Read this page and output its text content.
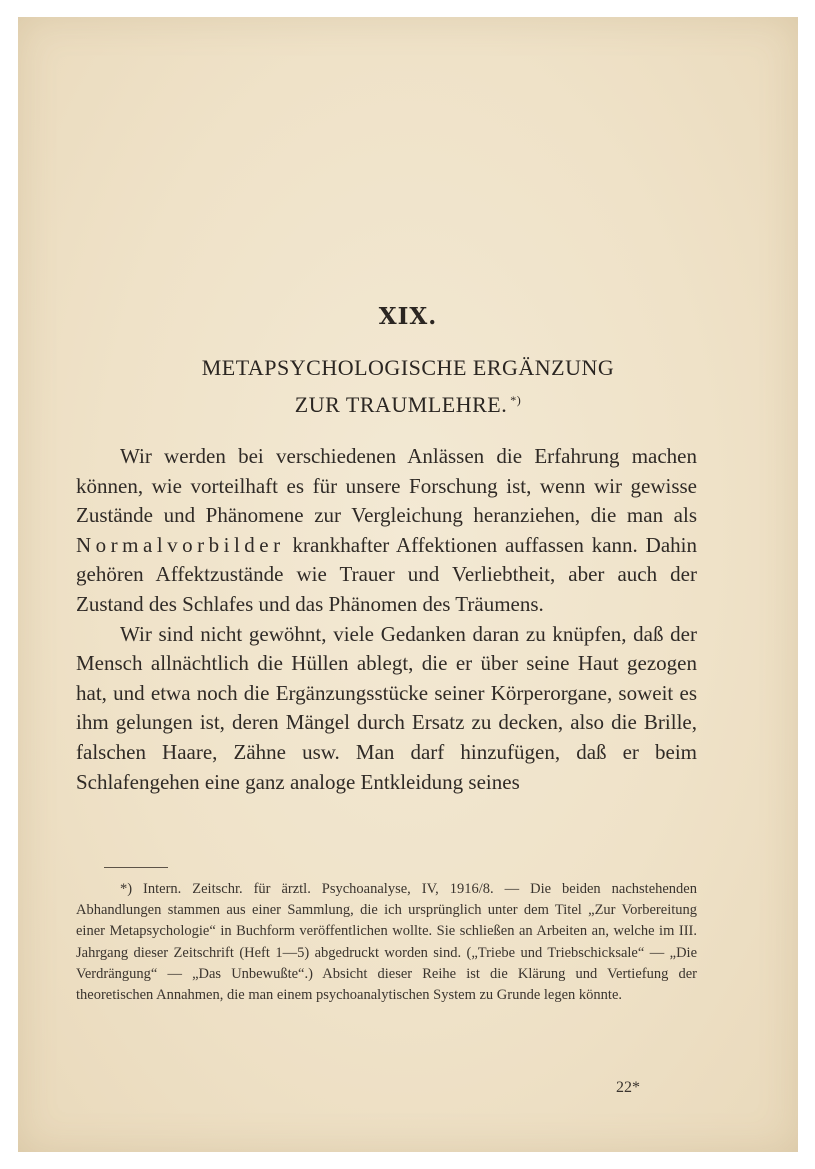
XIX.
METAPSYCHOLOGISCHE ERGÄNZUNG
ZUR TRAUMLEHRE. *)

Wir werden bei verschiedenen Anlässen die Erfahrung machen können, wie vorteilhaft es für unsere Forschung ist, wenn wir gewisse Zustände und Phänomene zur Vergleichung heranziehen, die man als Normalvorbilder krankhafter Affektionen auffassen kann. Dahin gehören Affektzustände wie Trauer und Verliebtheit, aber auch der Zustand des Schlafes und das Phänomen des Träumens.

Wir sind nicht gewöhnt, viele Gedanken daran zu knüpfen, daß der Mensch allnächtlich die Hüllen ablegt, die er über seine Haut gezogen hat, und etwa noch die Ergänzungsstücke seiner Körperorgane, soweit es ihm gelungen ist, deren Mängel durch Ersatz zu decken, also die Brille, falschen Haare, Zähne usw. Man darf hinzufügen, daß er beim Schlafengehen eine ganz analoge Entkleidung seines

*) Intern. Zeitschr. für ärztl. Psychoanalyse, IV, 1916/8. — Die beiden nachstehenden Abhandlungen stammen aus einer Sammlung, die ich ursprünglich unter dem Titel „Zur Vorbereitung einer Metapsychologie“ in Buchform veröffentlichen wollte. Sie schließen an Arbeiten an, welche im III. Jahrgang dieser Zeitschrift (Heft 1—5) abgedruckt worden sind. („Triebe und Triebschicksale“ — „Die Verdrängung“ — „Das Unbewußte“.) Absicht dieser Reihe ist die Klärung und Vertiefung der theoretischen Annahmen, die man einem psychoanalytischen System zu Grunde legen könnte.

22*
